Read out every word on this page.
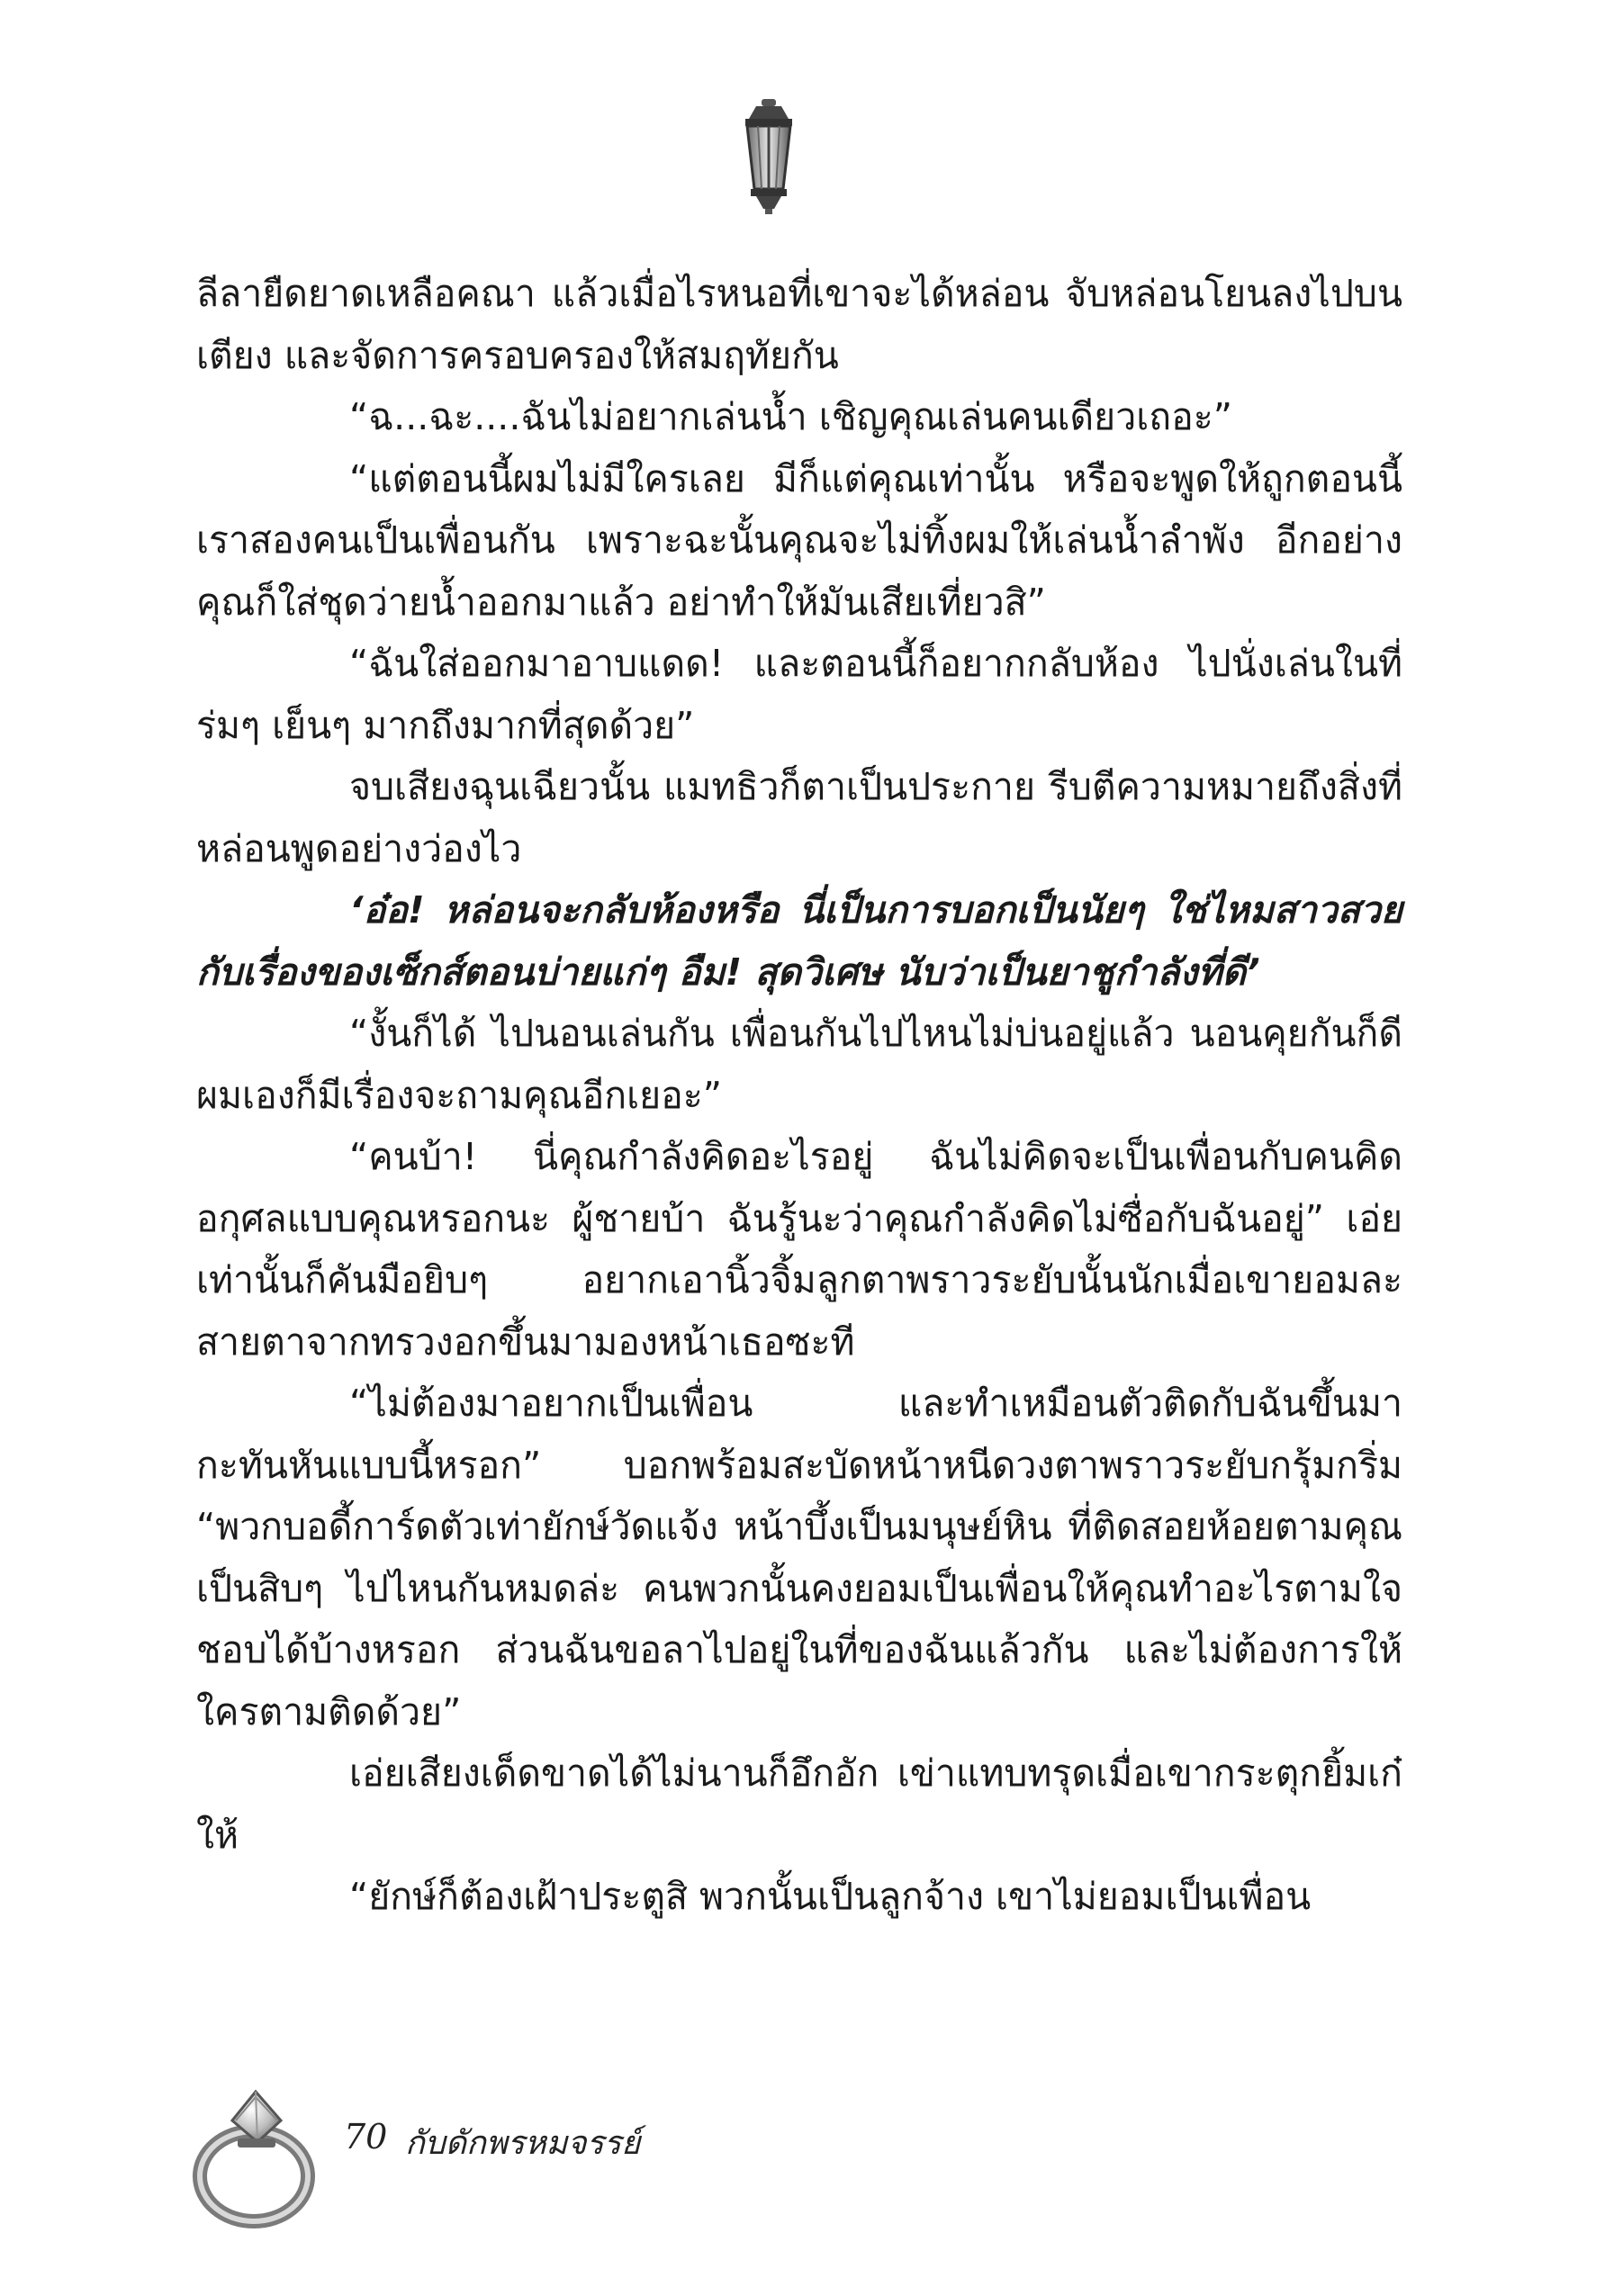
ลีลายืดยาดเหลือคณา แล้วเมื่อไรหนอที่เขาจะได้หล่อน จับหล่อนโยนลงไปบนเตียง และจัดการครอบครองให้สมฤทัยกัน

“ฉ...ฉะ....ฉันไม่อยากเล่นน้ำ เชิญคุณเล่นคนเดียวเถอะ”

“แต่ตอนนี้ผมไม่มีใครเลย มีก็แต่คุณเท่านั้น หรือจะพูดให้ถูกตอนนี้เราสองคนเป็นเพื่อนกัน เพราะฉะนั้นคุณจะไม่ทิ้งผมให้เล่นน้ำลำพัง อีกอย่างคุณก็ใส่ชุดว่ายน้ำออกมาแล้ว อย่าทำให้มันเสียเที่ยวสิ”

“ฉันใส่ออกมาอาบแดด! และตอนนี้ก็อยากกลับห้อง ไปนั่งเล่นในที่ร่มๆ เย็นๆ มากถึงมากที่สุดด้วย”

จบเสียงฉุนเฉียวนั้น แมทธิวก็ตาเป็นประกาย รีบตีความหมายถึงสิ่งที่หล่อนพูดอย่างว่องไว

‘อ๋อ! หล่อนจะกลับห้องหรือ นี่เป็นการบอกเป็นนัยๆ ใช่ไหมสาวสวยกับเรื่องของเซ็กส์ตอนบ่ายแก่ๆ อืม! สุดวิเศษ นับว่าเป็นยาชูกำลังที่ดี’

“งั้นก็ได้ ไปนอนเล่นกัน เพื่อนกันไปไหนไม่บ่นอยู่แล้ว นอนคุยกันก็ดี ผมเองก็มีเรื่องจะถามคุณอีกเยอะ”

“คนบ้า! นี่คุณกำลังคิดอะไรอยู่ ฉันไม่คิดจะเป็นเพื่อนกับคนคิดอกุศลแบบคุณหรอกนะ ผู้ชายบ้า ฉันรู้นะว่าคุณกำลังคิดไม่ซื่อกับฉันอยู่” เอ่ยเท่านั้นก็คันมือยิบๆ อยากเอานิ้วจิ้มลูกตาพราวระยับนั้นนักเมื่อเขายอมละสายตาจากทรวงอกขึ้นมามองหน้าเธอซะที

“ไม่ต้องมาอยากเป็นเพื่อน และทำเหมือนตัวติดกับฉันขึ้นมากะทันหันแบบนี้หรอก” บอกพร้อมสะบัดหน้าหนีดวงตาพราวระยับกรุ้มกริ่ม “พวกบอดี้การ์ดตัวเท่ายักษ์วัดแจ้ง หน้าบึ้งเป็นมนุษย์หิน ที่ติดสอยห้อยตามคุณเป็นสิบๆ ไปไหนกันหมดล่ะ คนพวกนั้นคงยอมเป็นเพื่อนให้คุณทำอะไรตามใจชอบได้บ้างหรอก ส่วนฉันขอลาไปอยู่ในที่ของฉันแล้วกัน และไม่ต้องการให้ใครตามติดด้วย”

เอ่ยเสียงเด็ดขาดได้ไม่นานก็อึกอัก เข่าแทบทรุดเมื่อเขากระตุกยิ้มเก๋ให้

“ยักษ์ก็ต้องเฝ้าประตูสิ พวกนั้นเป็นลูกจ้าง เขาไม่ยอมเป็นเพื่อน

70 กับดักพรหมจรรย์
